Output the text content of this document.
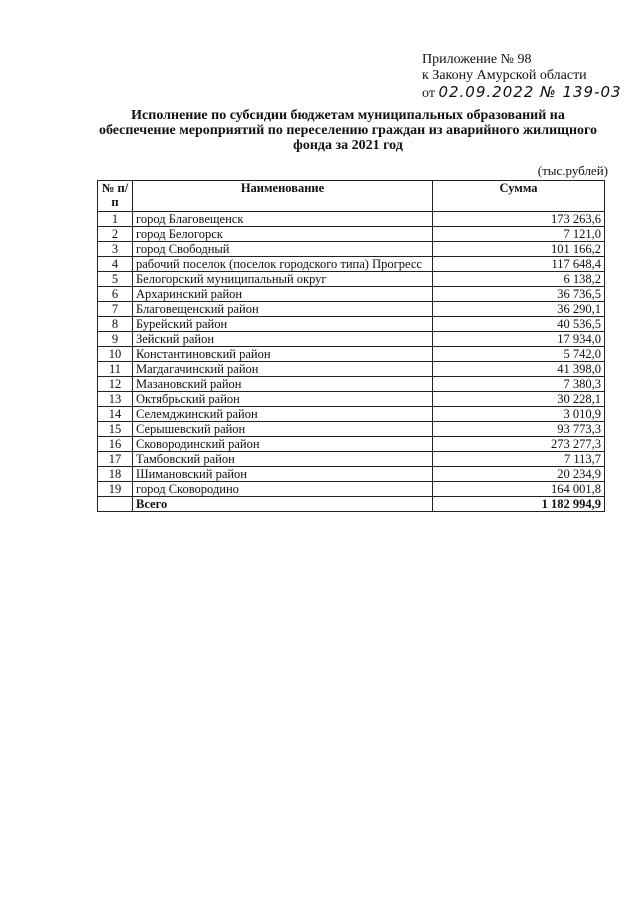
Приложение № 98
к Закону Амурской области
от 02.09.2022 № 139-03
Исполнение по субсидии бюджетам муниципальных образований на обеспечение мероприятий по переселению граждан из аварийного жилищного фонда за 2021 год
(тыс.рублей)
№ п/п	Наименование	Сумма
1	город Благовещенск	173 263,6
2	город Белогорск	7 121,0
3	город Свободный	101 166,2
4	рабочий поселок (поселок городского типа) Прогресс	117 648,4
5	Белогорский муниципальный округ	6 138,2
6	Архаринский район	36 736,5
7	Благовещенский район	36 290,1
8	Бурейский район	40 536,5
9	Зейский район	17 934,0
10	Константиновский район	5 742,0
11	Магдагачинский район	41 398,0
12	Мазановский район	7 380,3
13	Октябрьский район	30 228,1
14	Селемджинский район	3 010,9
15	Серышевский район	93 773,3
16	Сковородинский район	273 277,3
17	Тамбовский район	7 113,7
18	Шимановский район	20 234,9
19	город Сковородино	164 001,8
	Всего	1 182 994,9
